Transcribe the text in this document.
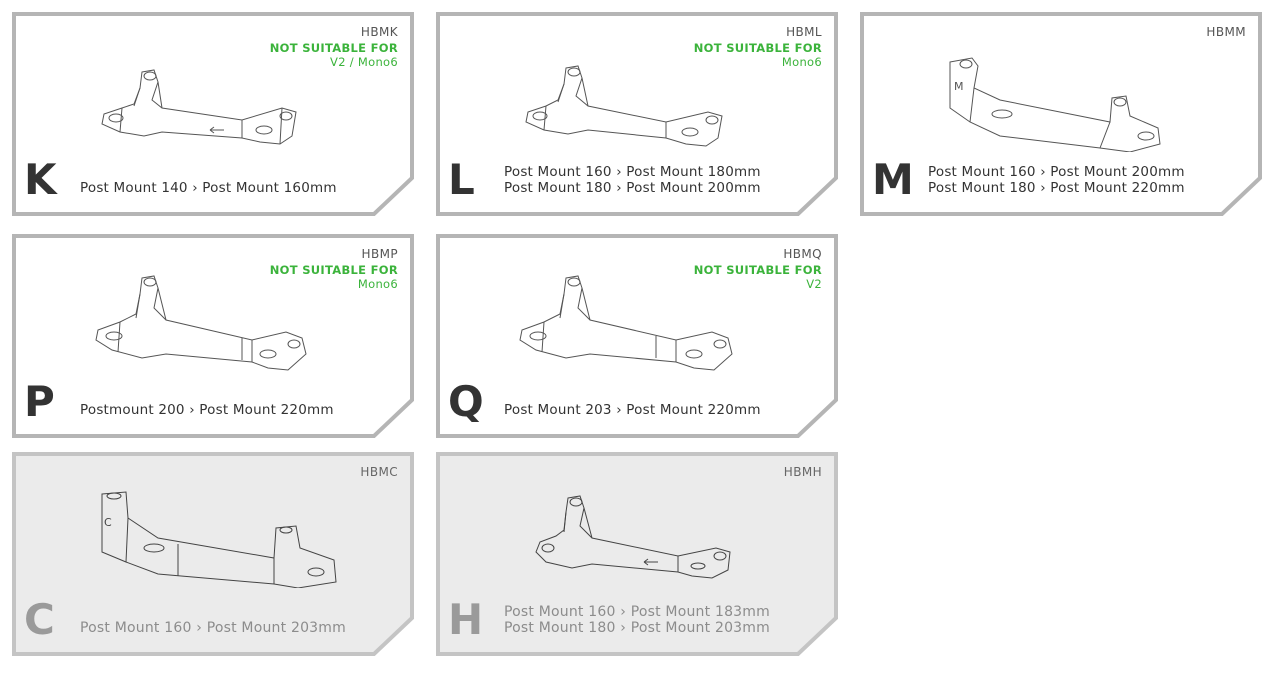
HBMK
NOT SUITABLE FOR
V2 / Mono6
K Post Mount 140 › Post Mount 160mm
HBML
NOT SUITABLE FOR
Mono6
L Post Mount 160 › Post Mount 180mm
Post Mount 180 › Post Mount 200mm
HBMM
M
M Post Mount 160 › Post Mount 200mm
Post Mount 180 › Post Mount 220mm
HBMP
NOT SUITABLE FOR
Mono6
P Postmount 200 › Post Mount 220mm
HBMQ
NOT SUITABLE FOR
V2
Q Post Mount 203 › Post Mount 220mm
HBMC
C
C Post Mount 160 › Post Mount 203mm
HBMH
H Post Mount 160 › Post Mount 183mm
Post Mount 180 › Post Mount 203mm
